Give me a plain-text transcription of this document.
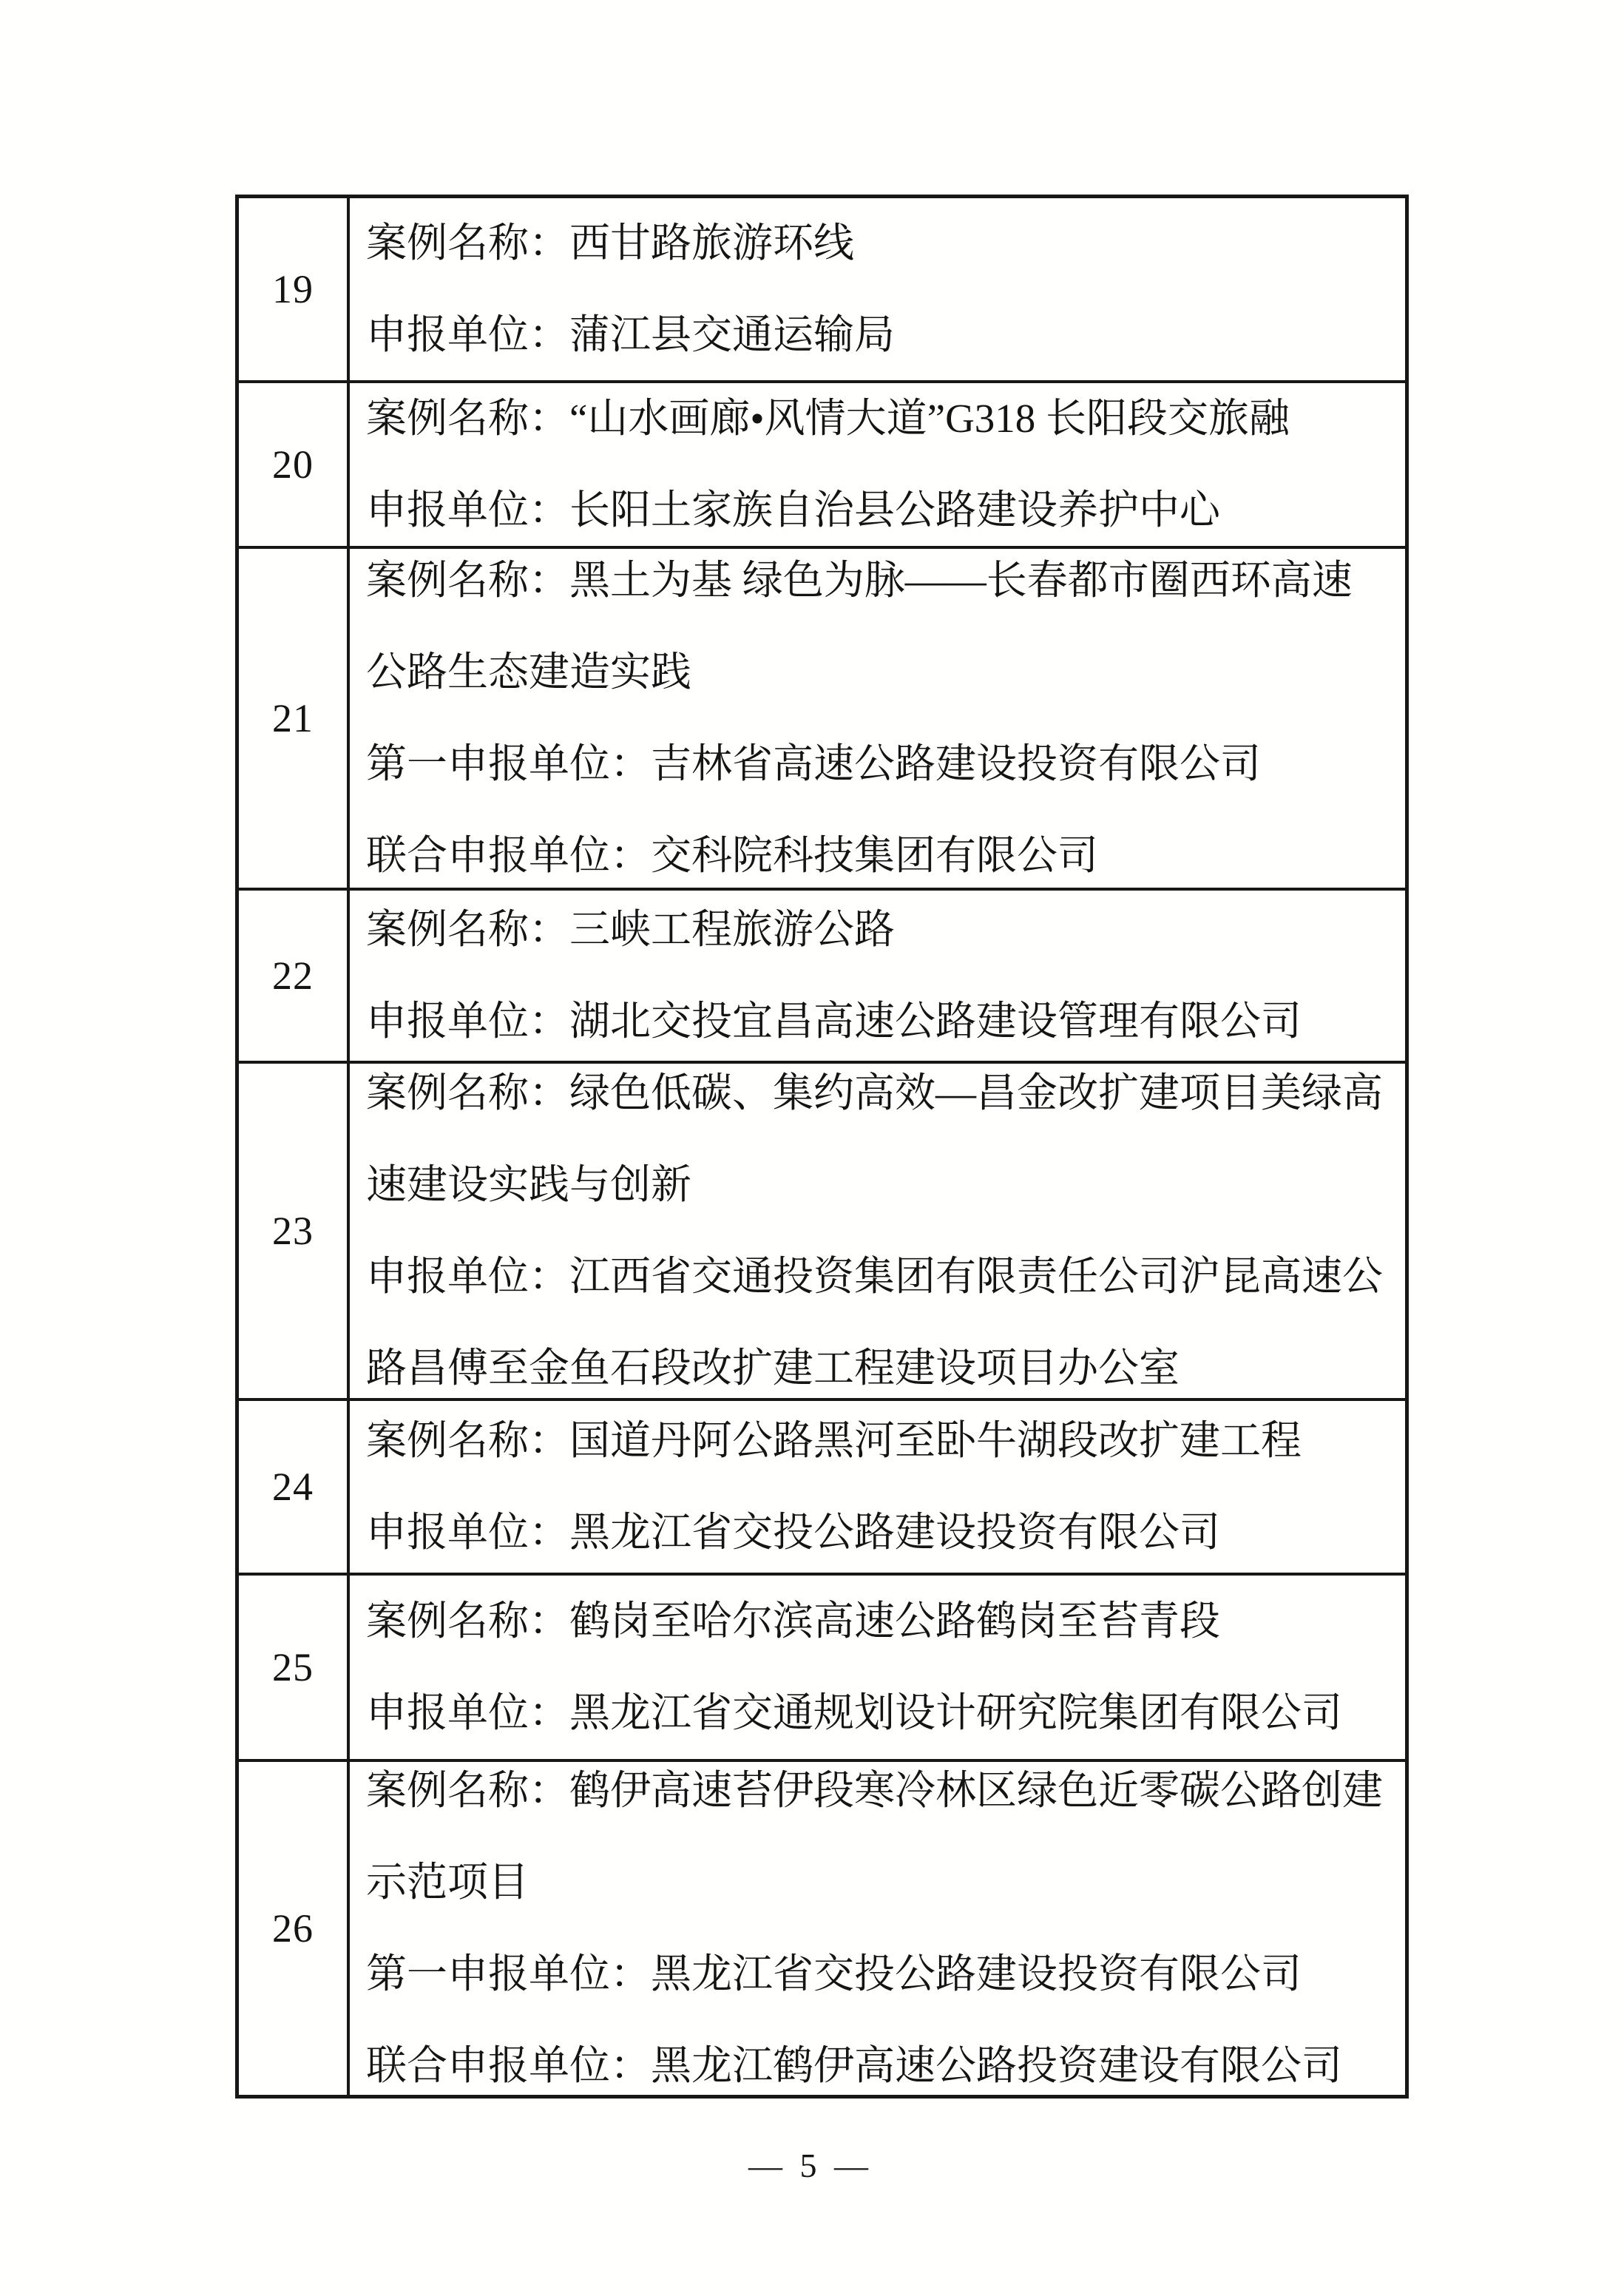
19
案例名称：西甘路旅游环线
申报单位：蒲江县交通运输局
20
案例名称：“山水画廊•风情大道”G318 长阳段交旅融
申报单位：长阳土家族自治县公路建设养护中心
21
案例名称：黑土为基 绿色为脉——长春都市圈西环高速
公路生态建造实践
第一申报单位：吉林省高速公路建设投资有限公司
联合申报单位：交科院科技集团有限公司
22
案例名称：三峡工程旅游公路
申报单位：湖北交投宜昌高速公路建设管理有限公司
23
案例名称：绿色低碳、集约高效—昌金改扩建项目美绿高
速建设实践与创新
申报单位：江西省交通投资集团有限责任公司沪昆高速公
路昌傅至金鱼石段改扩建工程建设项目办公室
24
案例名称：国道丹阿公路黑河至卧牛湖段改扩建工程
申报单位：黑龙江省交投公路建设投资有限公司
25
案例名称：鹤岗至哈尔滨高速公路鹤岗至苔青段
申报单位：黑龙江省交通规划设计研究院集团有限公司
26
案例名称：鹤伊高速苔伊段寒冷林区绿色近零碳公路创建
示范项目
第一申报单位：黑龙江省交投公路建设投资有限公司
联合申报单位：黑龙江鹤伊高速公路投资建设有限公司
— 5 —
